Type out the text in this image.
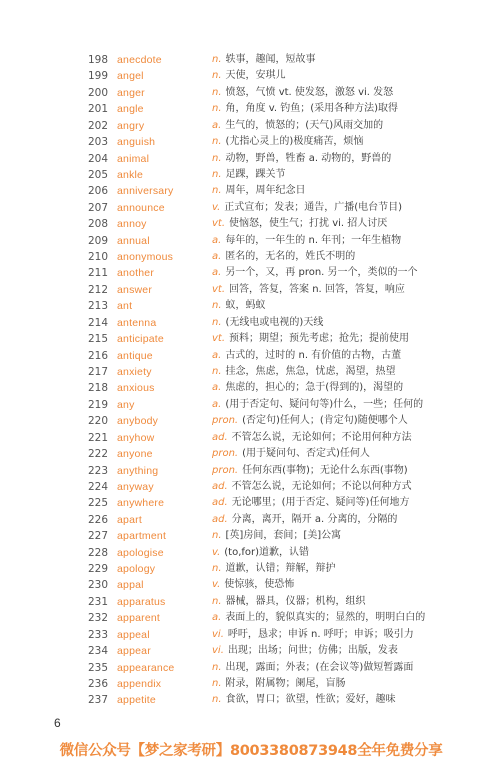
198 anecdote	n. 轶事，趣闻，短故事
199 angel	n. 天使，安琪儿
200 anger	n. 愤怒，气愤 vt. 使发怒，激怒 vi. 发怒
201 angle	n. 角，角度 v. 钓鱼；(采用各种方法)取得
202 angry	a. 生气的，愤怒的；(天气)风雨交加的
203 anguish	n. (尤指心灵上的)极度痛苦，烦恼
204 animal	n. 动物，野兽，牲畜 a. 动物的，野兽的
205 ankle	n. 足踝，踝关节
206 anniversary	n. 周年，周年纪念日
207 announce	v. 正式宣布；发表；通告，广播(电台节目)
208 annoy	vt. 使恼怒，使生气；打扰 vi. 招人讨厌
209 annual	a. 每年的，一年生的 n. 年刊；一年生植物
210 anonymous	a. 匿名的，无名的，姓氏不明的
211 another	a. 另一个，又，再 pron. 另一个，类似的一个
212 answer	vt. 回答，答复，答案 n. 回答，答复，响应
213 ant	n. 蚁，蚂蚁
214 antenna	n. (无线电或电视的)天线
215 anticipate	vt. 预料；期望；预先考虑；抢先；提前使用
216 antique	a. 古式的，过时的 n. 有价值的古物，古董
217 anxiety	n. 挂念，焦虑，焦急，忧虑，渴望，热望
218 anxious	a. 焦虑的，担心的；急于(得到的)，渴望的
219 any	a. (用于否定句、疑问句等)什么，一些；任何的
220 anybody	pron. (否定句)任何人；(肯定句)随便哪个人
221 anyhow	ad. 不管怎么说，无论如何；不论用何种方法
222 anyone	pron. (用于疑问句、否定式)任何人
223 anything	pron. 任何东西(事物)；无论什么东西(事物)
224 anyway	ad. 不管怎么说，无论如何；不论以何种方式
225 anywhere	ad. 无论哪里；(用于否定、疑问等)任何地方
226 apart	ad. 分离，离开，隔开 a. 分离的，分隔的
227 apartment	n. [英]房间，套间；[美]公寓
228 apologise	v. (to,for)道歉，认错
229 apology	n. 道歉，认错；辩解，辩护
230 appal	v. 使惊骇，使恐怖
231 apparatus	n. 器械，器具，仪器；机构，组织
232 apparent	a. 表面上的，貌似真实的；显然的，明明白白的
233 appeal	vi. 呼吁，恳求；申诉 n. 呼吁；申诉；吸引力
234 appear	vi. 出现；出场；问世；仿佛；出版，发表
235 appearance	n. 出现，露面；外表；(在会议等)做短暂露面
236 appendix	n. 附录，附属物；阑尾，盲肠
237 appetite	n. 食欲，胃口；欲望，性欲；爱好，趣味
6
微信公众号【梦之家考研】8003380873948全年免费分享
